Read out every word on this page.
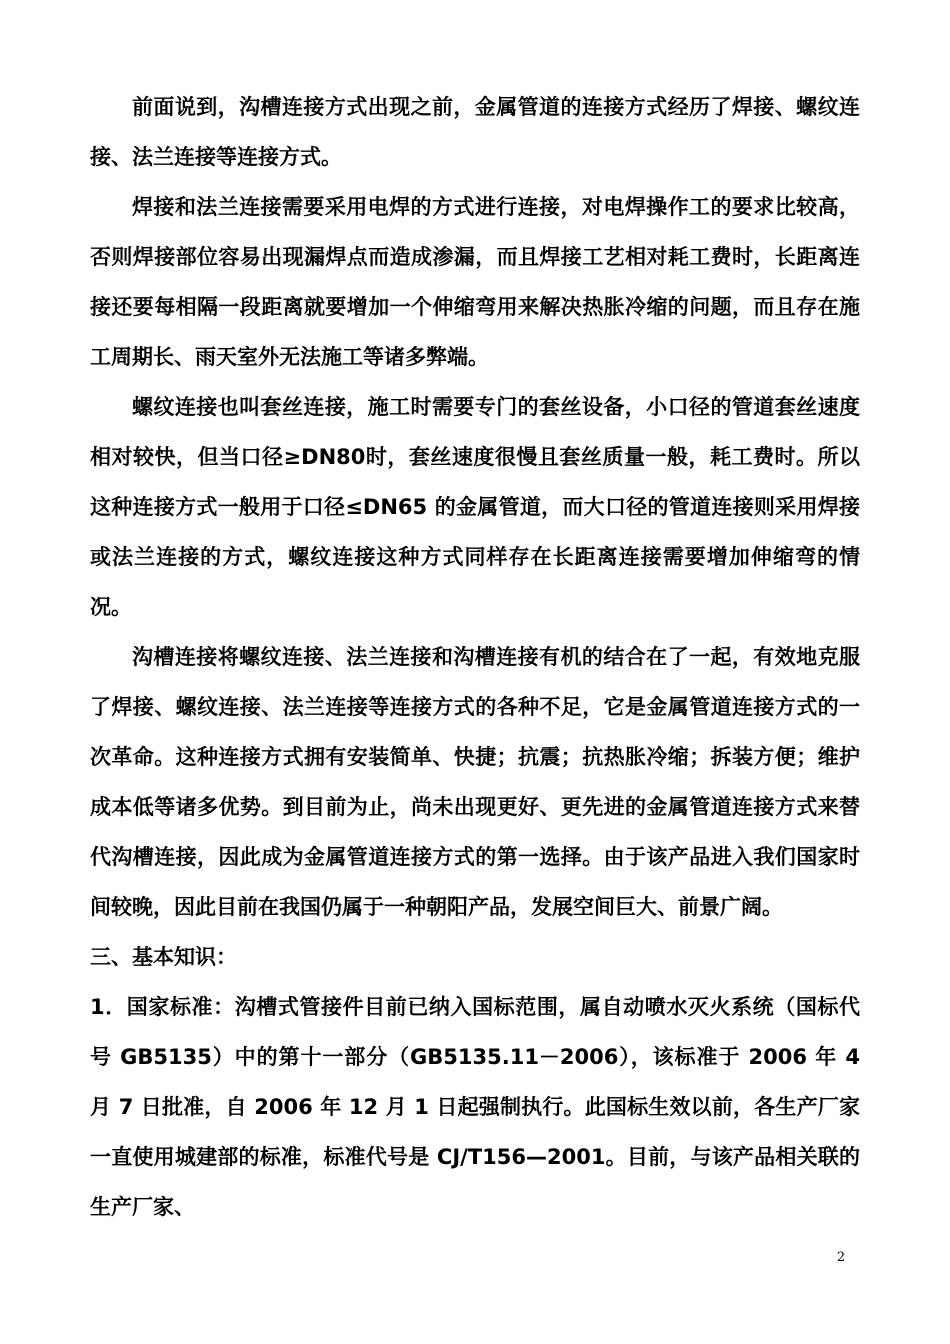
前面说到，沟槽连接方式出现之前，金属管道的连接方式经历了焊接、螺纹连接、法兰连接等连接方式。

焊接和法兰连接需要采用电焊的方式进行连接，对电焊操作工的要求比较高，否则焊接部位容易出现漏焊点而造成渗漏，而且焊接工艺相对耗工费时，长距离连接还要每相隔一段距离就要增加一个伸缩弯用来解决热胀冷缩的问题，而且存在施工周期长、雨天室外无法施工等诸多弊端。

螺纹连接也叫套丝连接，施工时需要专门的套丝设备，小口径的管道套丝速度相对较快，但当口径≥DN80时，套丝速度很慢且套丝质量一般，耗工费时。所以这种连接方式一般用于口径≤DN65 的金属管道，而大口径的管道连接则采用焊接或法兰连接的方式，螺纹连接这种方式同样存在长距离连接需要增加伸缩弯的情况。

沟槽连接将螺纹连接、法兰连接和沟槽连接有机的结合在了一起，有效地克服了焊接、螺纹连接、法兰连接等连接方式的各种不足，它是金属管道连接方式的一次革命。这种连接方式拥有安装简单、快捷；抗震；抗热胀冷缩；拆装方便；维护成本低等诸多优势。到目前为止，尚未出现更好、更先进的金属管道连接方式来替代沟槽连接，因此成为金属管道连接方式的第一选择。由于该产品进入我们国家时间较晚，因此目前在我国仍属于一种朝阳产品，发展空间巨大、前景广阔。

三、基本知识：

1．国家标准：沟槽式管接件目前已纳入国标范围，属自动喷水灭火系统（国标代号 GB5135）中的第十一部分（GB5135.11－2006），该标准于 2006 年 4 月 7 日批准，自 2006 年 12 月 1 日起强制执行。此国标生效以前，各生产厂家一直使用城建部的标准，标准代号是 CJ/T156—2001。目前，与该产品相关联的生产厂家、

2
